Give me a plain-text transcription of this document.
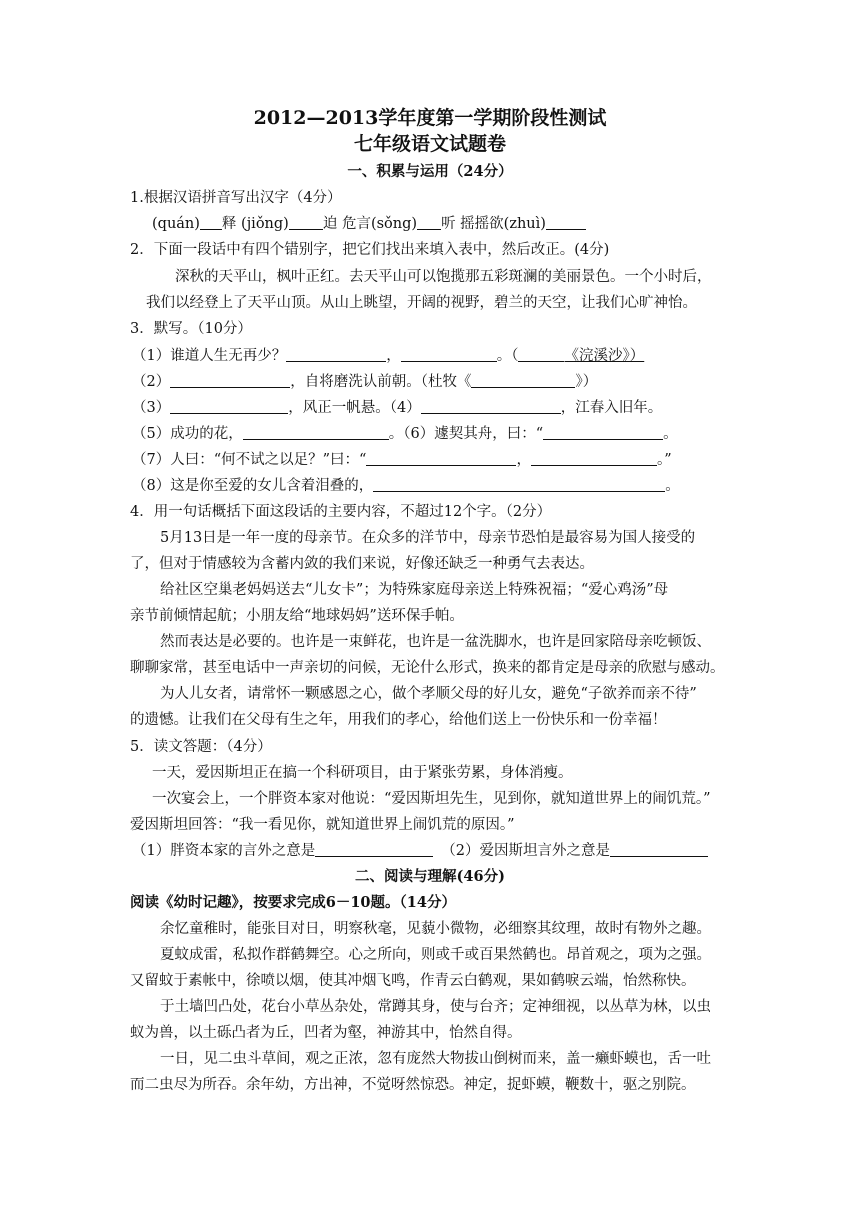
2012—2013学年度第一学期阶段性测试
七年级语文试题卷
一、积累与运用（24分）
1.根据汉语拼音写出汉字（4分）
(quán) 释 (jiǒng) 迫 危言(sǒng) 听 摇摇欲(zhuì)
2．下面一段话中有四个错别字，把它们找出来填入表中，然后改正。(4分)
深秋的天平山，枫叶正红。去天平山可以饱揽那五彩斑澜的美丽景色。一个小时后，
我们以经登上了天平山顶。从山上眺望，开阔的视野，碧兰的天空，让我们心旷神怡。
3．默写。（10分）
（1）谁道人生无再少？	，	。（	《浣溪沙》）
（2）	，自将磨洗认前朝。（杜牧《	》）
（3）	，风正一帆悬。（4）	，江春入旧年。
（5）成功的花，	。（6）遽契其舟，曰：“	。
（7）人曰：“何不试之以足？”曰：“	，	。”
（8）这是你至爱的女儿含着泪叠的，	。
4．用一句话概括下面这段话的主要内容，不超过12个字。（2分）
5月13日是一年一度的母亲节。在众多的洋节中，母亲节恐怕是最容易为国人接受的
了，但对于情感较为含蓄内敛的我们来说，好像还缺乏一种勇气去表达。
给社区空巢老妈妈送去“儿女卡”；为特殊家庭母亲送上特殊祝福；“爱心鸡汤”母
亲节前倾情起航；小朋友给“地球妈妈”送环保手帕。
然而表达是必要的。也许是一束鲜花，也许是一盆洗脚水，也许是回家陪母亲吃顿饭、
聊聊家常，甚至电话中一声亲切的问候，无论什么形式，换来的都肯定是母亲的欣慰与感动。
为人儿女者，请常怀一颗感恩之心，做个孝顺父母的好儿女，避免“子欲养而亲不待”
的遗憾。让我们在父母有生之年，用我们的孝心，给他们送上一份快乐和一份幸福！
5．读文答题：（4分）
一天，爱因斯坦正在搞一个科研项目，由于紧张劳累，身体消瘦。
一次宴会上，一个胖资本家对他说：“爱因斯坦先生，见到你，就知道世界上的闹饥荒。”
爱因斯坦回答：“我一看见你，就知道世界上闹饥荒的原因。”
（1）胖资本家的言外之意是	（2）爱因斯坦言外之意是
二、阅读与理解(46分)
阅读《幼时记趣》，按要求完成6－10题。（14分）
余忆童稚时，能张目对日，明察秋毫，见藐小微物，必细察其纹理，故时有物外之趣。
夏蚊成雷，私拟作群鹤舞空。心之所向，则或千或百果然鹤也。昂首观之，项为之强。
又留蚊于素帐中，徐喷以烟，使其冲烟飞鸣，作青云白鹤观，果如鹤唳云端，怡然称快。
于土墙凹凸处，花台小草丛杂处，常蹲其身，使与台齐；定神细视，以丛草为林，以虫
蚁为兽，以土砾凸者为丘，凹者为壑，神游其中，怡然自得。
一日，见二虫斗草间，观之正浓，忽有庞然大物拔山倒树而来，盖一癞虾蟆也，舌一吐
而二虫尽为所吞。余年幼，方出神，不觉呀然惊恐。神定，捉虾蟆，鞭数十，驱之别院。
